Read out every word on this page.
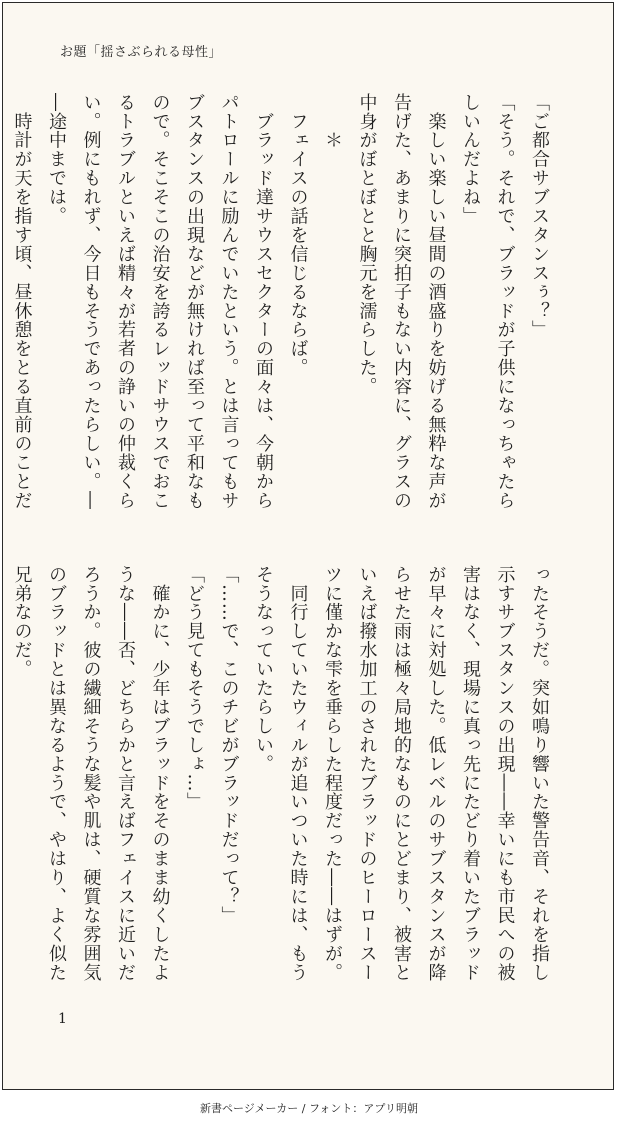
お題「揺さぶられる母性」
「ご都合サブスタンスぅ？」
「そう。それで、ブラッドが子供になっちゃたら
しいんだよね」
　楽しい楽しい昼間の酒盛りを妨げる無粋な声が
告げた、あまりに突拍子もない内容に、グラスの
中身がぼとぼとと胸元を濡らした。
　　＊
　フェイスの話を信じるならば。
　ブラッド達サウスセクターの面々は、今朝から
パトロールに励んでいたという。とは言ってもサ
ブスタンスの出現などが無ければ至って平和なも
ので。そこそこの治安を誇るレッドサウスでおこ
るトラブルといえば精々が若者の諍いの仲裁くら
い。例にもれず、今日もそうであったらしい。―
―途中までは。
　時計が天を指す頃、昼休憩をとる直前のことだ
ったそうだ。突如鳴り響いた警告音、それを指し
示すサブスタンスの出現――幸いにも市民への被
害はなく、現場に真っ先にたどり着いたブラッド
が早々に対処した。低レベルのサブスタンスが降
らせた雨は極々局地的なものにとどまり、被害と
いえば撥水加工のされたブラッドのヒーロースー
ツに僅かな雫を垂らした程度だった――はずが。
　同行していたウィルが追いついた時には、もう
そうなっていたらしい。
「……で、このチビがブラッドだって？」
「どう見てもそうでしょ…」
　確かに、少年はブラッドをそのまま幼くしたよ
うな――否、どちらかと言えばフェイスに近いだ
ろうか。彼の繊細そうな髪や肌は、硬質な雰囲気
のブラッドとは異なるようで、やはり、よく似た
兄弟なのだ。
1
新書ページメーカー / フォント：アプリ明朝
